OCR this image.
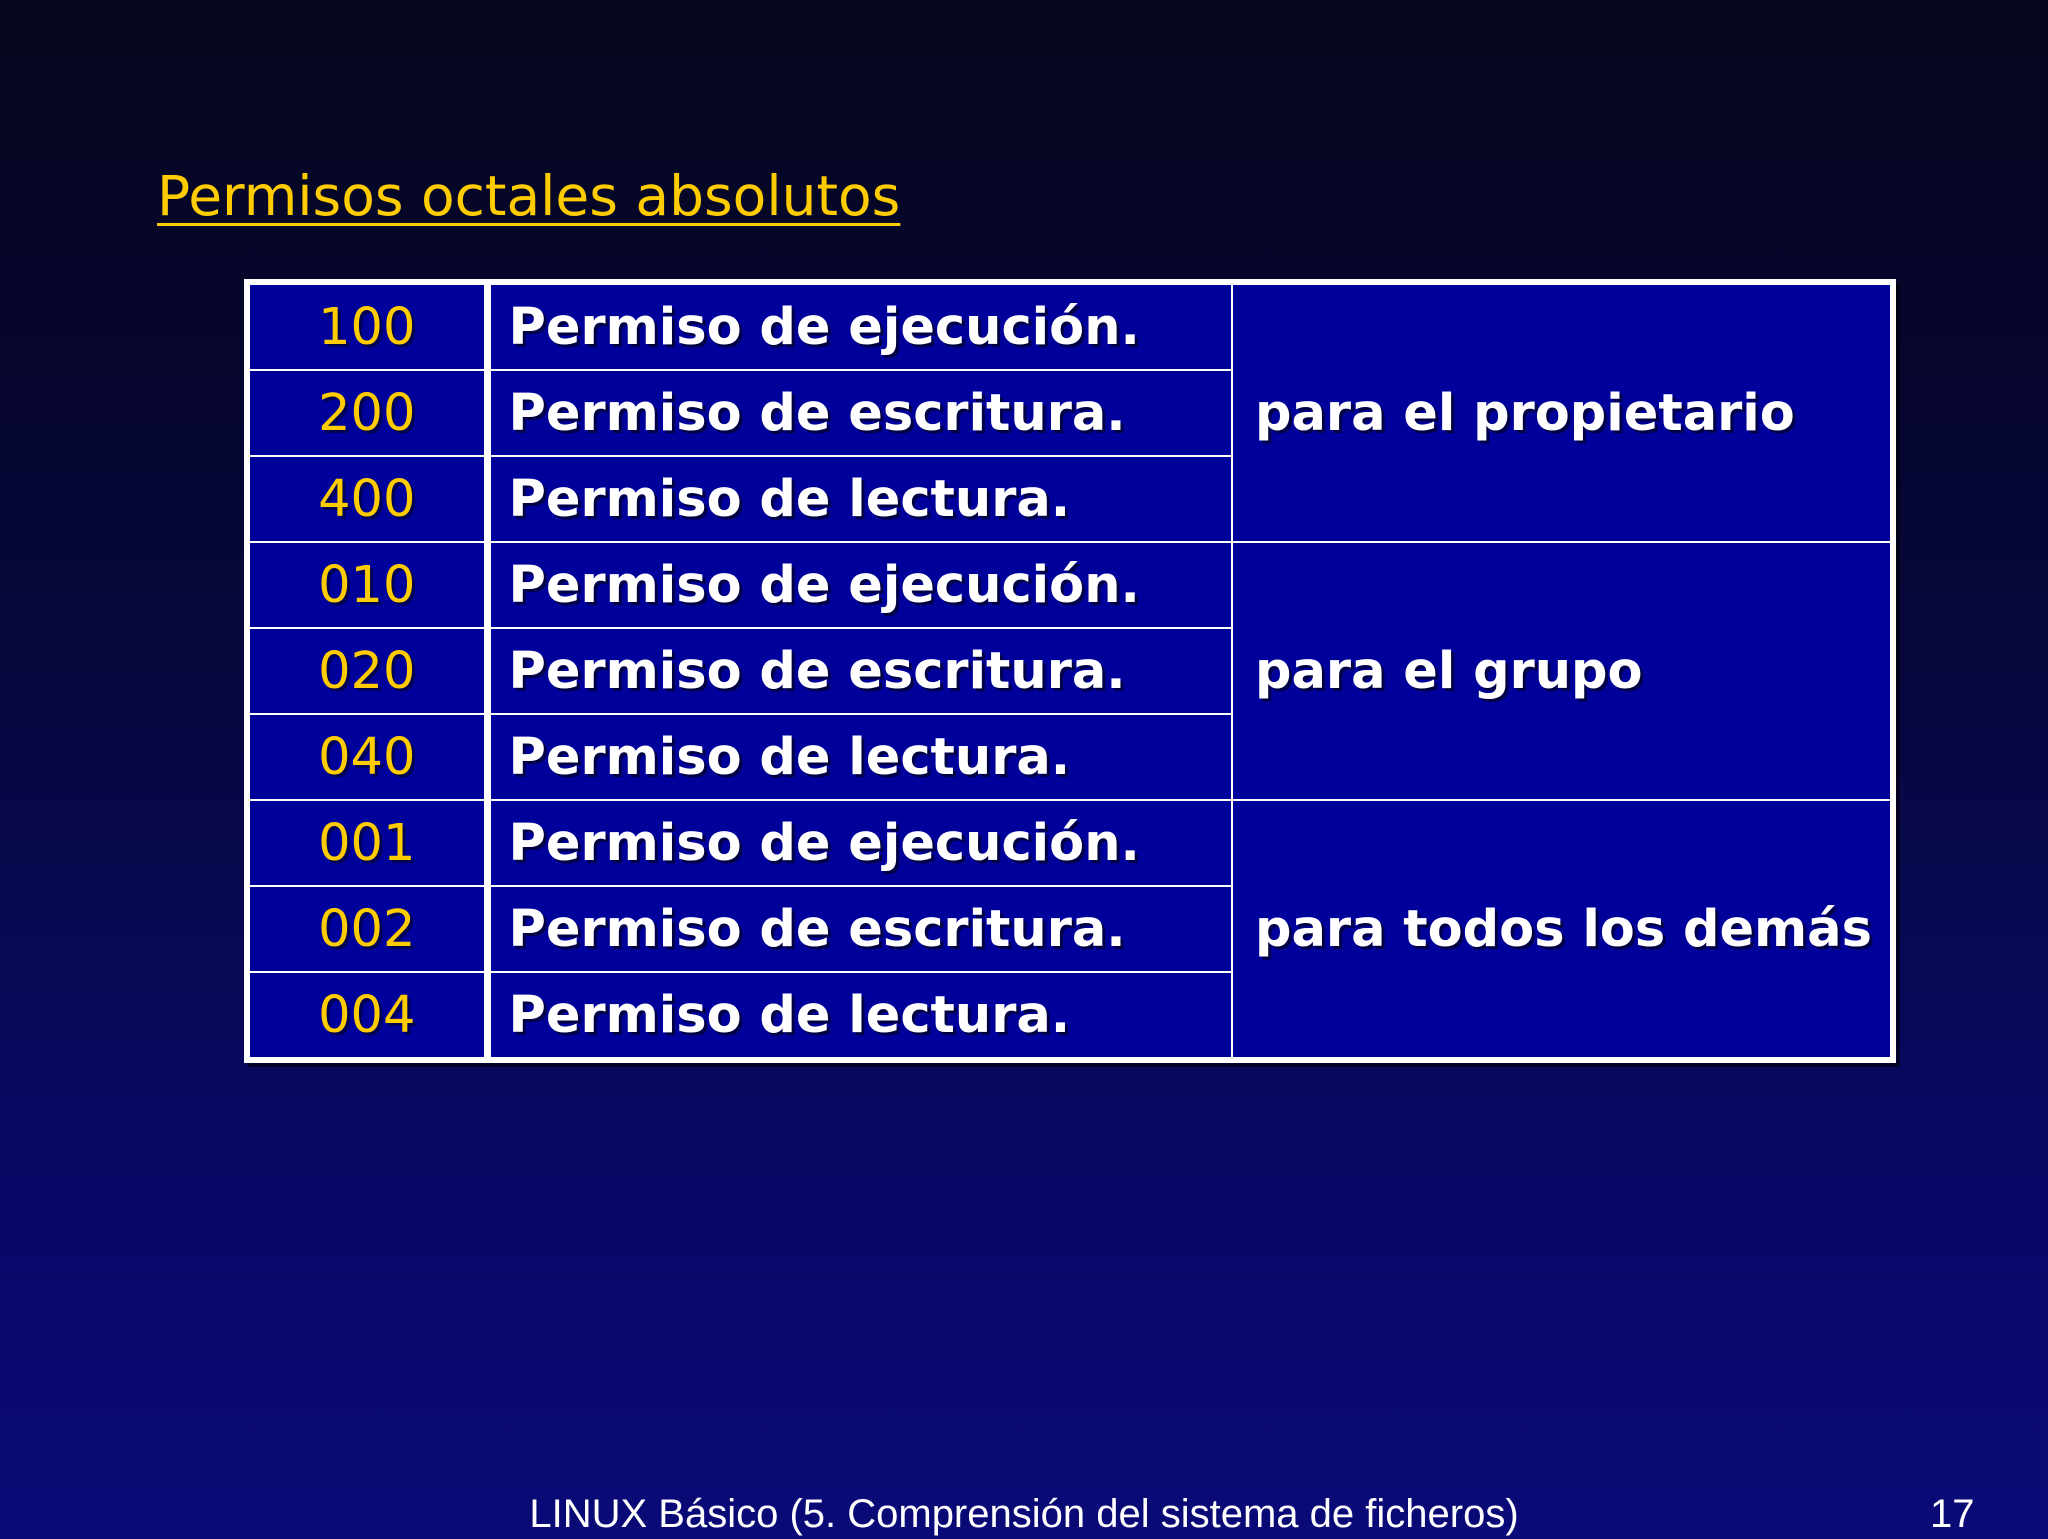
Permisos octales absolutos
100	Permiso de ejecución.	para el propietario
200	Permiso de escritura.	
400	Permiso de lectura.	
010	Permiso de ejecución.	para el grupo
020	Permiso de escritura.	
040	Permiso de lectura.	
001	Permiso de ejecución.	para todos los demás
002	Permiso de escritura.	
004	Permiso de lectura.	
LINUX Básico (5. Comprensión del sistema de ficheros)	17
